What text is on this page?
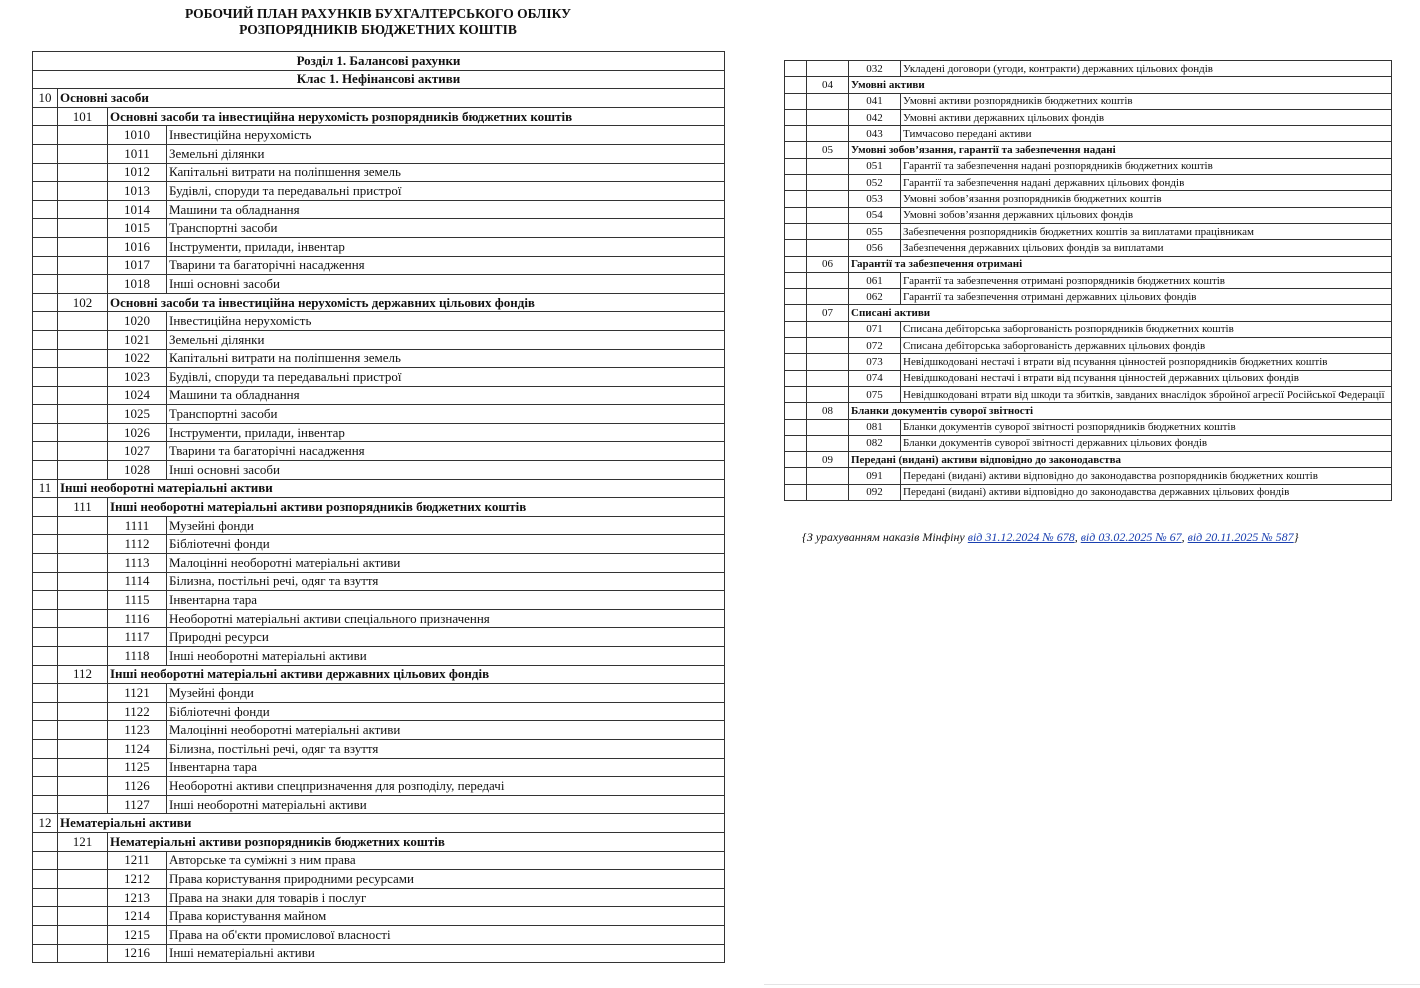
РОБОЧИЙ ПЛАН РАХУНКІВ БУХГАЛТЕРСЬКОГО ОБЛІКУ
РОЗПОРЯДНИКІВ БЮДЖЕТНИХ КОШТІВ
Розділ 1. Балансові рахунки			
Клас 1. Нефінансові активи			
10	Основні засоби		
	101	Основні засоби та інвестиційна нерухомість розпорядників бюджетних коштів	
		1010	Інвестиційна нерухомість
		1011	Земельні ділянки
		1012	Капітальні витрати на поліпшення земель
		1013	Будівлі, споруди та передавальні пристрої
		1014	Машини та обладнання
		1015	Транспортні засоби
		1016	Інструменти, прилади, інвентар
		1017	Тварини та багаторічні насадження
		1018	Інші основні засоби
	102	Основні засоби та інвестиційна нерухомість державних цільових фондів	
		1020	Інвестиційна нерухомість
		1021	Земельні ділянки
		1022	Капітальні витрати на поліпшення земель
		1023	Будівлі, споруди та передавальні пристрої
		1024	Машини та обладнання
		1025	Транспортні засоби
		1026	Інструменти, прилади, інвентар
		1027	Тварини та багаторічні насадження
		1028	Інші основні засоби
11	Інші необоротні матеріальні активи		
	111	Інші необоротні матеріальні активи розпорядників бюджетних коштів	
		1111	Музейні фонди
		1112	Бібліотечні фонди
		1113	Малоцінні необоротні матеріальні активи
		1114	Білизна, постільні речі, одяг та взуття
		1115	Інвентарна тара
		1116	Необоротні матеріальні активи спеціального призначення
		1117	Природні ресурси
		1118	Інші необоротні матеріальні активи
	112	Інші необоротні матеріальні активи державних цільових фондів	
		1121	Музейні фонди
		1122	Бібліотечні фонди
		1123	Малоцінні необоротні матеріальні активи
		1124	Білизна, постільні речі, одяг та взуття
		1125	Інвентарна тара
		1126	Необоротні активи спецпризначення для розподілу, передачі
		1127	Інші необоротні матеріальні активи
12	Нематеріальні активи		
	121	Нематеріальні активи розпорядників бюджетних коштів	
		1211	Авторське та суміжні з ним права
		1212	Права користування природними ресурсами
		1213	Права на знаки для товарів і послуг
		1214	Права користування майном
		1215	Права на об'єкти промислової власності
		1216	Інші нематеріальні активи
		032	Укладені договори (угоди, контракти) державних цільових фондів
	04	Умовні активи	
		041	Умовні активи розпорядників бюджетних коштів
		042	Умовні активи державних цільових фондів
		043	Тимчасово передані активи
	05	Умовні зобов’язання, гарантії та забезпечення надані	
		051	Гарантії та забезпечення надані розпорядників бюджетних коштів
		052	Гарантії та забезпечення надані державних цільових фондів
		053	Умовні зобов’язання розпорядників бюджетних коштів
		054	Умовні зобов’язання державних цільових фондів
		055	Забезпечення розпорядників бюджетних коштів за виплатами працівникам
		056	Забезпечення державних цільових фондів за виплатами
	06	Гарантії та забезпечення отримані	
		061	Гарантії та забезпечення отримані розпорядників бюджетних коштів
		062	Гарантії та забезпечення отримані державних цільових фондів
	07	Списані активи	
		071	Списана дебіторська заборгованість розпорядників бюджетних коштів
		072	Списана дебіторська заборгованість державних цільових фондів
		073	Невідшкодовані нестачі і втрати від псування цінностей розпорядників бюджетних коштів
		074	Невідшкодовані нестачі і втрати від псування цінностей державних цільових фондів
		075	Невідшкодовані втрати від шкоди та збитків, завданих внаслідок збройної агресії Російської Федерації
	08	Бланки документів суворої звітності	
		081	Бланки документів суворої звітності розпорядників бюджетних коштів
		082	Бланки документів суворої звітності державних цільових фондів
	09	Передані (видані) активи відповідно до законодавства	
		091	Передані (видані) активи відповідно до законодавства розпорядників бюджетних коштів
		092	Передані (видані) активи відповідно до законодавства державних цільових фондів
{З урахуванням наказів Мінфіну від 31.12.2024 № 678, від 03.02.2025 № 67, від 20.11.2025 № 587}
